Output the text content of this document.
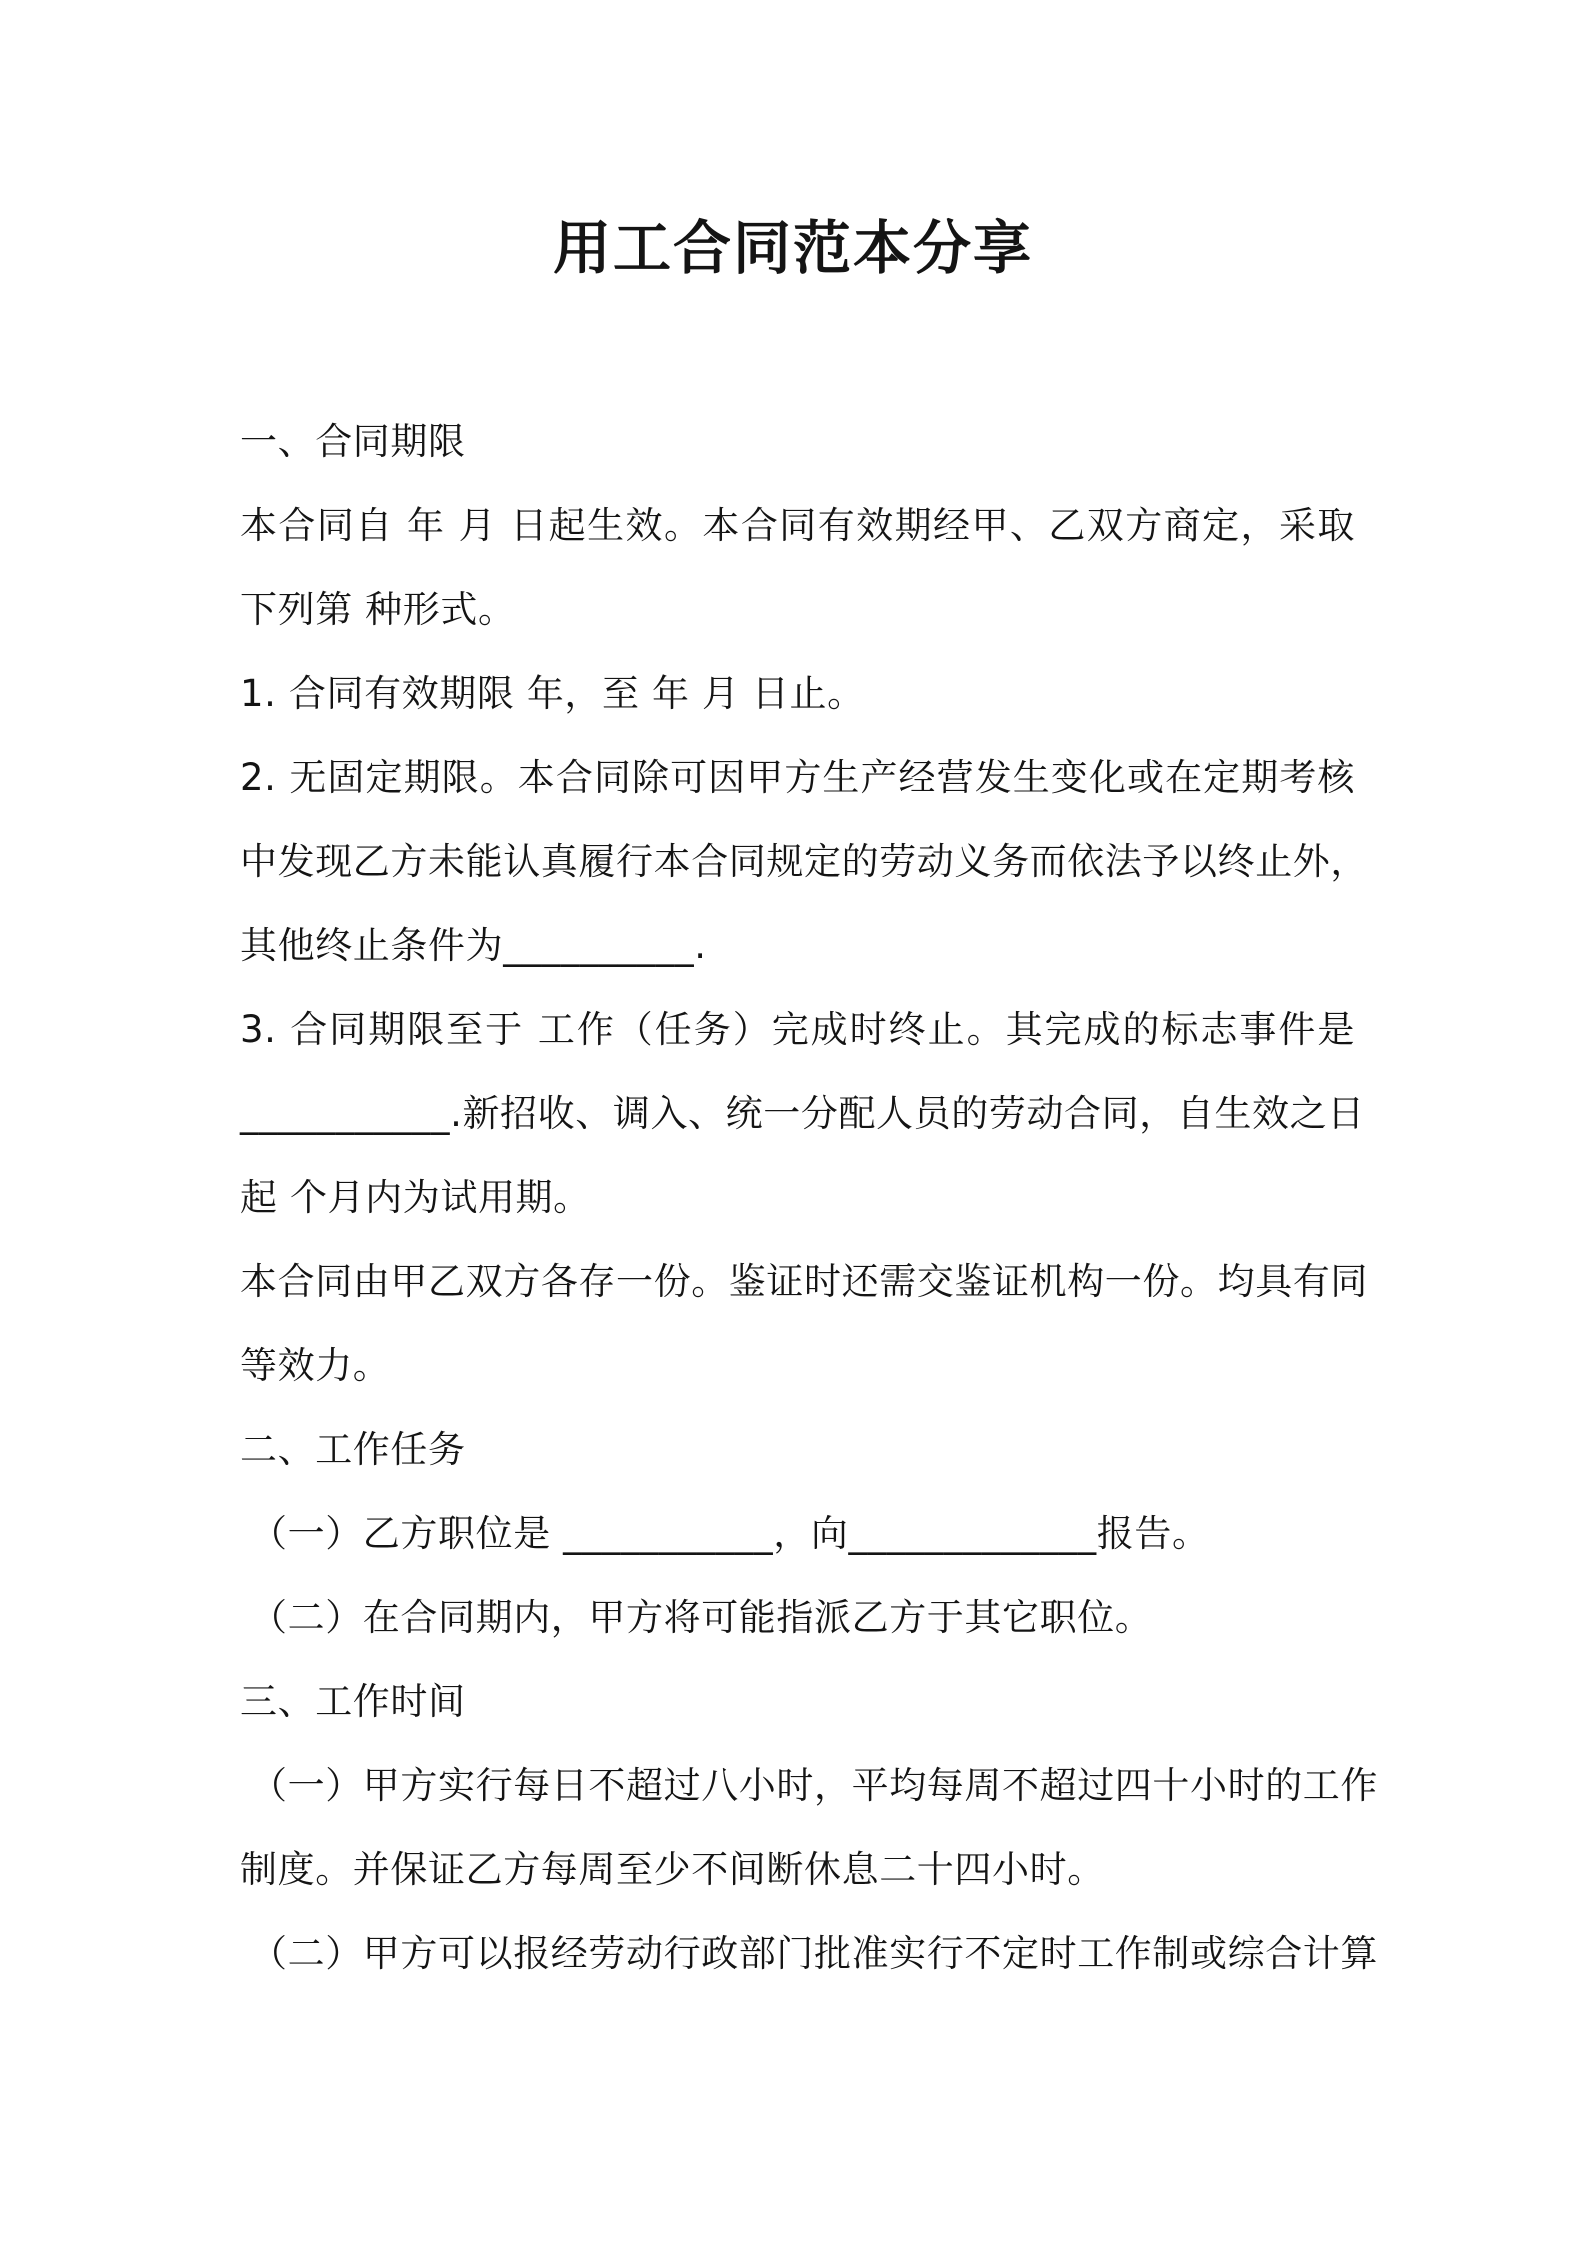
用工合同范本分享
一、合同期限
本合同自 年 月 日起生效。本合同有效期经甲、乙双方商定，采取
下列第 种形式。
1. 合同有效期限 年，至 年 月 日止。
2. 无固定期限。本合同除可因甲方生产经营发生变化或在定期考核
中发现乙方未能认真履行本合同规定的劳动义务而依法予以终止外，
其他终止条件为__________.
3. 合同期限至于 工作（任务）完成时终止。其完成的标志事件是
___________.新招收、调入、统一分配人员的劳动合同，自生效之日
起 个月内为试用期。
本合同由甲乙双方各存一份。鉴证时还需交鉴证机构一份。均具有同
等效力。
二、工作任务
（一）乙方职位是 ___________，向_____________报告。
（二）在合同期内，甲方将可能指派乙方于其它职位。
三、工作时间
（一）甲方实行每日不超过八小时，平均每周不超过四十小时的工作
制度。并保证乙方每周至少不间断休息二十四小时。
（二）甲方可以报经劳动行政部门批准实行不定时工作制或综合计算
